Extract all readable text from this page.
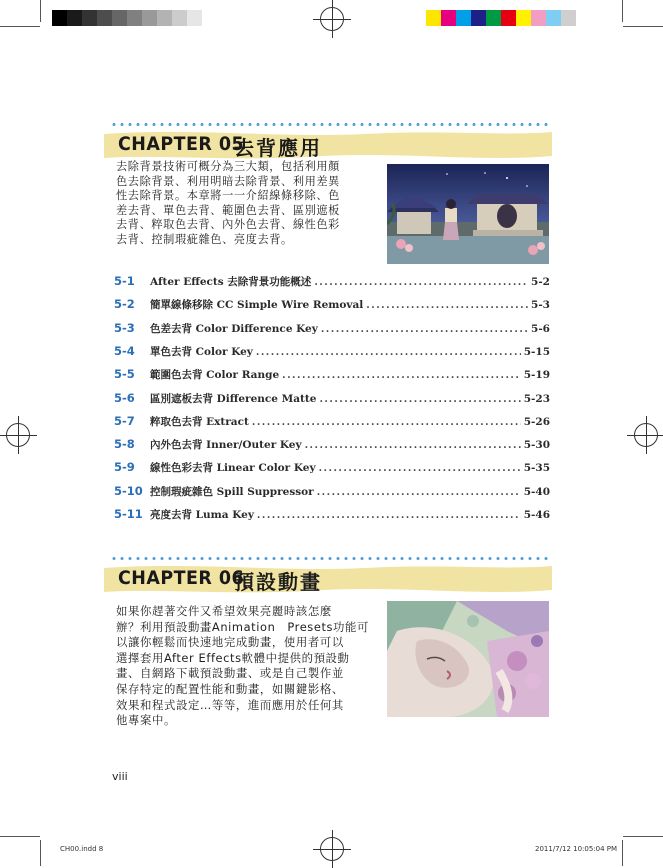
CHAPTER 05
去背應用
去除背景技術可概分為三大類，包括利用顏
色去除背景、利用明暗去除背景、利用差異
性去除背景。本章將一一介紹線條移除、色
差去背、單色去背、範圍色去背、區別遮板
去背、粹取色去背、內外色去背、線性色彩
去背、控制瑕疵雜色、亮度去背。
5-1	After Effects 去除背景功能概述 . . .	5-2
5-2	簡單線條移除 CC Simple Wire Removal . . .	5-3
5-3	色差去背 Color Difference Key . . .	5-6
5-4	單色去背 Color Key . . .	5-15
5-5	範圍色去背 Color Range . . .	5-19
5-6	區別遮板去背 Difference Matte . . .	5-23
5-7	粹取色去背 Extract . . .	5-26
5-8	內外色去背 Inner/Outer Key . . .	5-30
5-9	線性色彩去背 Linear Color Key . . .	5-35
5-10 控制瑕疵雜色 Spill Suppressor . . .	5-40
5-11 亮度去背 Luma Key . . .	5-46
CHAPTER 06
預設動畫
如果你趕著交件又希望效果亮麗時該怎麼
辦？利用預設動畫Animation　Presets功能可
以讓你輕鬆而快速地完成動畫，使用者可以
選擇套用After Effects軟體中提供的預設動
畫、自網路下載預設動畫、或是自己製作並
保存特定的配置性能和動畫，如關鍵影格、
效果和程式設定…等等，進而應用於任何其
他專案中。
viii
CH00.indd 8	2011/7/12 10:05:04 PM
